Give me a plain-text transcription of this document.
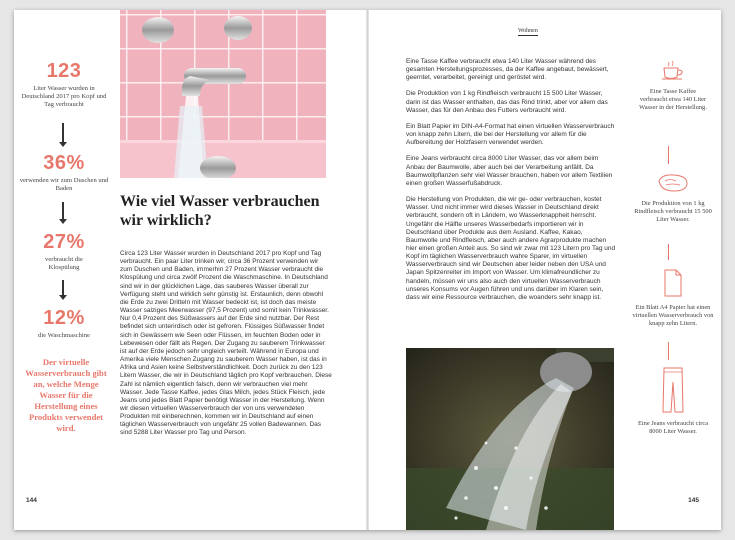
123
Liter Wasser wurden in Deutschland 2017 pro Kopf und Tag verbraucht
36%
verwenden wir zum Duschen und Baden
27%
verbraucht die Klospülung
12%
die Waschmaschine
Der virtuelle Wasserverbrauch gibt an, welche Menge Wasser für die Herstellung eines Produkts verwendet wird.
Wie viel Wasser verbrauchen wir wirklich?
Circa 123 Liter Wasser wurden in Deutschland 2017 pro Kopf und Tag verbraucht. Ein paar Liter trinken wir, circa 36 Prozent verwenden wir zum Duschen und Baden, immerhin 27 Prozent Wasser verbraucht die Klospülung und circa zwölf Prozent die Waschmaschine. In Deutschland sind wir in der glücklichen Lage, das sauberes Wasser überall zur Verfügung steht und wirklich sehr günstig ist. Erstaunlich, denn obwohl die Erde zu zwei Dritteln mit Wasser bedeckt ist, ist doch das meiste Wasser salziges Meerwasser (97,5 Prozent) und somit kein Trinkwasser. Nur 0,4 Prozent des Süßwassers auf der Erde sind nutzbar. Der Rest befindet sich unterirdisch oder ist gefroren. Flüssiges Süßwasser findet sich in Gewässern wie Seen oder Flüssen, im feuchten Boden oder in Lebewesen oder fällt als Regen. Der Zugang zu sauberem Trinkwasser ist auf der Erde jedoch sehr ungleich verteilt. Während in Europa und Amerika viele Menschen Zugang zu sauberem Wasser haben, ist das in Afrika und Asien keine Selbstverständlichkeit. Doch zurück zu den 123 Litern Wasser, die wir in Deutschland täglich pro Kopf verbrauchen. Diese Zahl ist nämlich eigentlich falsch, denn wir verbrauchen viel mehr Wasser. Jede Tasse Kaffee, jedes Glas Milch, jedes Stück Fleisch, jede Jeans und jedes Blatt Papier benötigt Wasser in der Herstellung. Wenn wir diesen virtuellen Wasserverbrauch der von uns verwendeten Produkten mit einberechnen, kommen wir in Deutschland auf einen täglichen Wasserverbrauch von ungefähr 25 vollen Badewannen. Das sind 5288 Liter Wasser pro Tag und Person.
144
Wohnen

Eine Tasse Kaffee verbraucht etwa 140 Liter Wasser während des gesamten Herstellungsprozesses, da der Kaffee angebaut, bewässert, geerntet, verarbeitet, gereinigt und geröstet wird.

Die Produktion von 1 kg Rindfleisch verbraucht 15 500 Liter Wasser, darin ist das Wasser enthalten, das das Rind trinkt, aber vor allem das Wasser, das für den Anbau des Futters verbraucht wird.

Ein Blatt Papier im DIN-A4-Format hat einen virtuellen Wasserverbrauch von knapp zehn Litern, die bei der Herstellung vor allem für die Aufbereitung der Holzfasern verwendet werden.

Eine Jeans verbraucht circa 8000 Liter Wasser, das vor allem beim Anbau der Baumwolle, aber auch bei der Verarbeitung anfällt. Da Baumwollpflanzen sehr viel Wasser brauchen, haben vor allem Textilien einen großen Wasserfußabdruck.

Die Herstellung von Produkten, die wir ge- oder verbrauchen, kostet Wasser. Und nicht immer wird dieses Wasser in Deutschland direkt verbraucht, sondern oft in Ländern, wo Wasserknappheit herrscht. Ungefähr die Hälfte unseres Wasserbedarfs importieren wir in Deutschland über Produkte aus dem Ausland. Kaffee, Kakao, Baumwolle und Rindfleisch, aber auch andere Agrarprodukte machen hier einen großen Anteil aus. So sind wir zwar mit 123 Litern pro Tag und Kopf im täglichen Wasserverbrauch wahre Sparer, im virtuellen Wasserverbrauch sind wir Deutschen aber leider neben den USA und Japan Spitzenreiter im Import von Wasser. Um klimafreundlicher zu handeln, müssen wir uns also auch den virtuellen Wasserverbrauch unseres Konsums vor Augen führen und uns darüber im Klaren sein, dass wir eine Ressource verbrauchen, die woanders sehr knapp ist.

Eine Tasse Kaffee verbraucht etwa 140 Liter Wasser in der Herstellung.
Die Produktion von 1 kg Rindfleisch verbraucht 15 500 Liter Wasser.
Ein Blatt A4 Papier hat einen virtuellen Wasserverbrauch von knapp zehn Litern.
Eine Jeans verbraucht circa 8000 Liter Wasser.
145
